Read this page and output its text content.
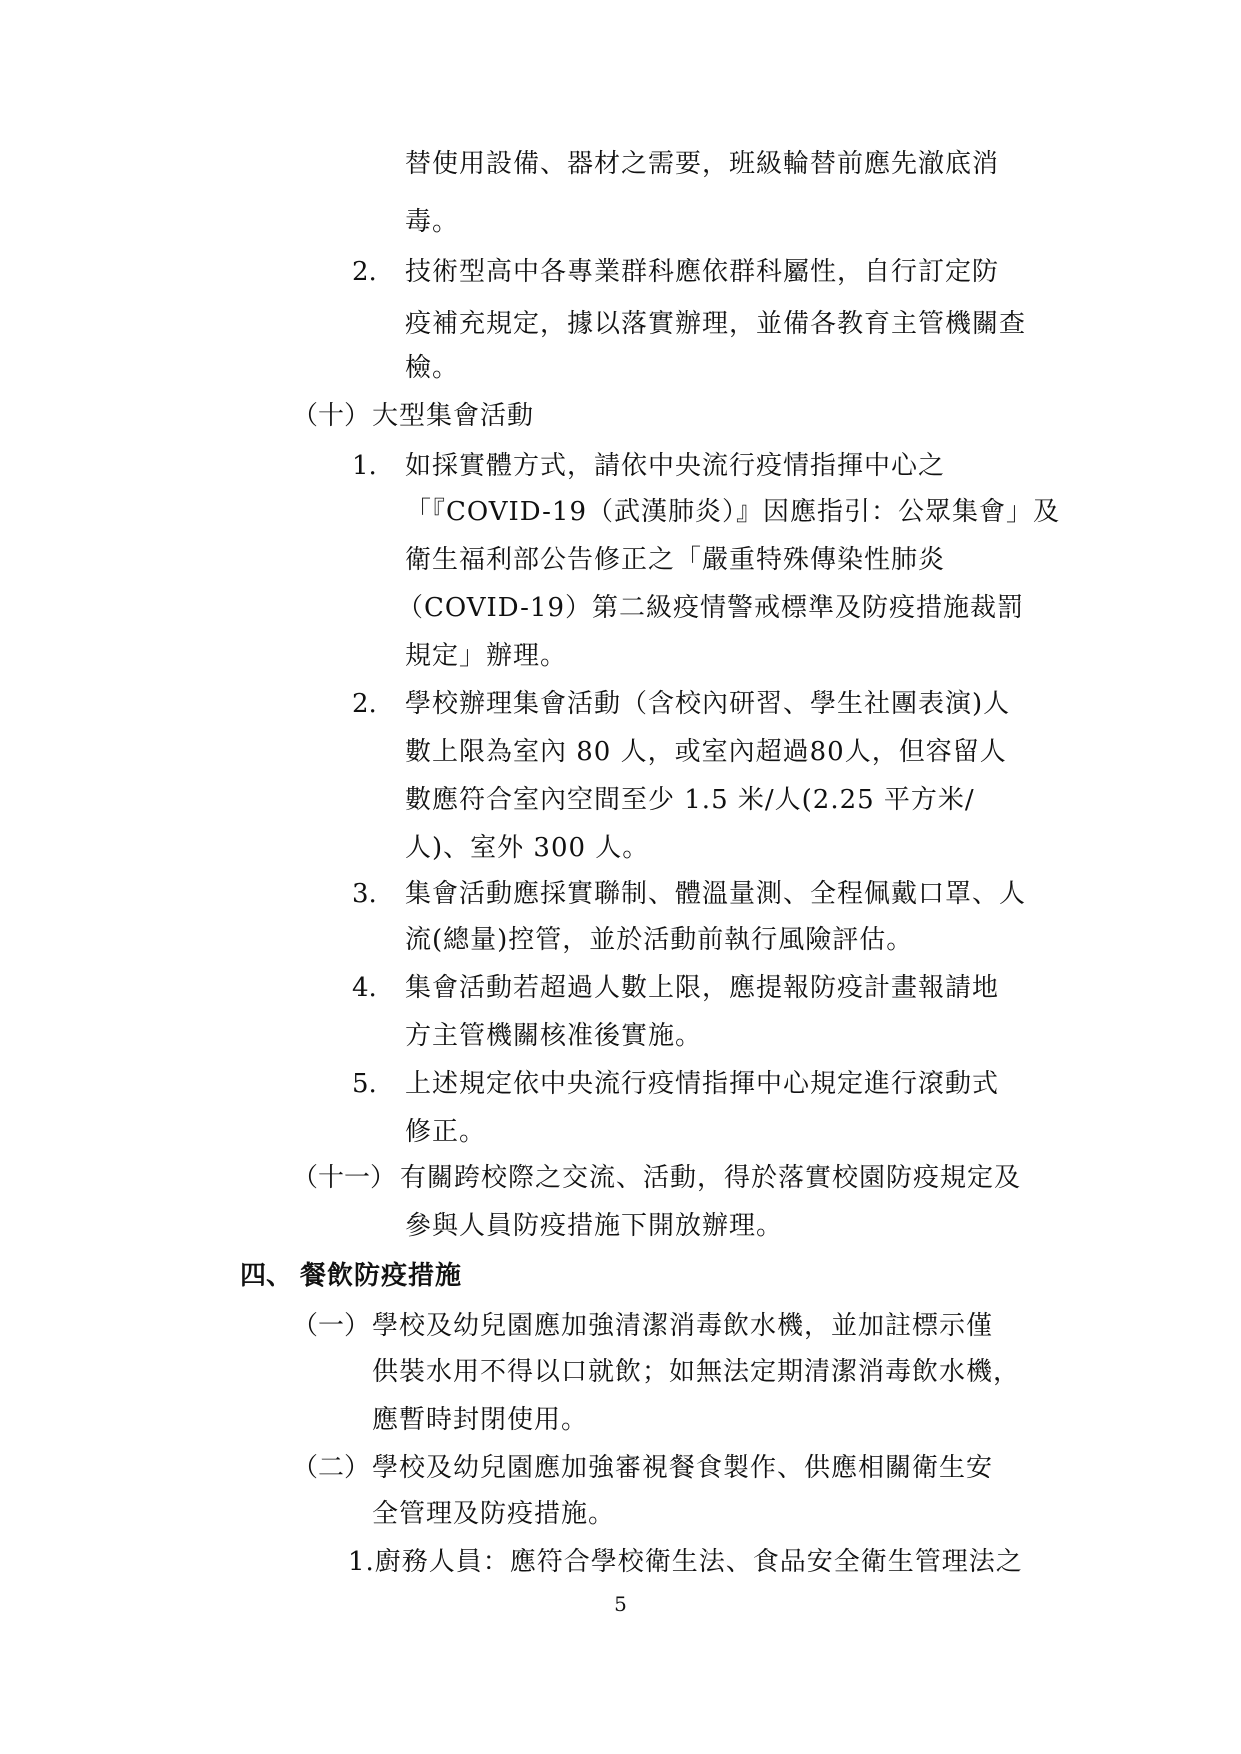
替使用設備、器材之需要，班級輪替前應先澈底消
毒。
2. 技術型高中各專業群科應依群科屬性，自行訂定防
疫補充規定，據以落實辦理，並備各教育主管機關查
檢。
（十） 大型集會活動
1. 如採實體方式，請依中央流行疫情指揮中心之
「『COVID-19（武漢肺炎）』因應指引：公眾集會」及
衛生福利部公告修正之「嚴重特殊傳染性肺炎
（COVID-19）第二級疫情警戒標準及防疫措施裁罰
規定」辦理。
2. 學校辦理集會活動（含校內研習、學生社團表演)人
數上限為室內 80 人，或室內超過80人，但容留人
數應符合室內空間至少 1.5 米/人(2.25 平方米/
人)、室外 300 人。
3. 集會活動應採實聯制、體溫量測、全程佩戴口罩、人
流(總量)控管，並於活動前執行風險評估。
4. 集會活動若超過人數上限，應提報防疫計畫報請地
方主管機關核准後實施。
5. 上述規定依中央流行疫情指揮中心規定進行滾動式
修正。
（十一） 有關跨校際之交流、活動，得於落實校園防疫規定及
參與人員防疫措施下開放辦理。
四、 餐飲防疫措施
（一） 學校及幼兒園應加強清潔消毒飲水機，並加註標示僅
供裝水用不得以口就飲；如無法定期清潔消毒飲水機，
應暫時封閉使用。
（二） 學校及幼兒園應加強審視餐食製作、供應相關衛生安
全管理及防疫措施。
1.廚務人員：應符合學校衛生法、食品安全衛生管理法之
5
